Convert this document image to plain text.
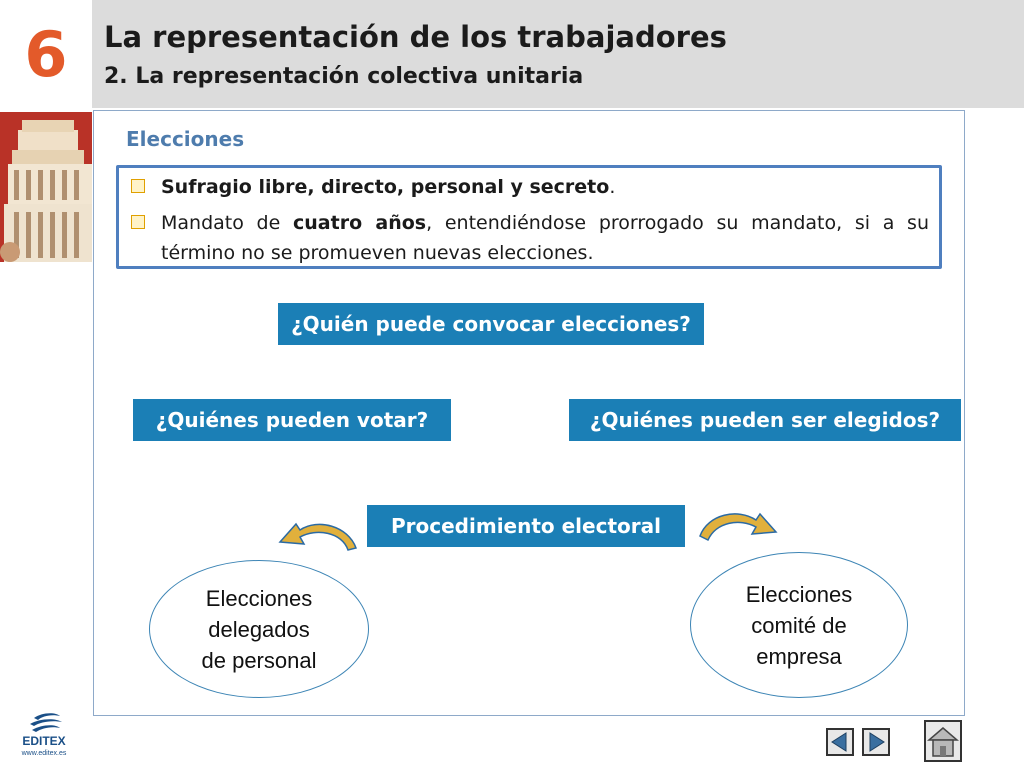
6	La representación de los trabajadores
2. La representación colectiva unitaria
Elecciones
Sufragio libre, directo, personal y secreto.
Mandato de cuatro años, entendiéndose prorrogado su mandato, si a su término no se promueven nuevas elecciones.
¿Quién puede convocar elecciones?
¿Quiénes pueden votar?	¿Quiénes pueden ser elegidos?
Procedimiento electoral
Elecciones delegados de personal
Elecciones comité de empresa
EDITEX
www.editex.es
